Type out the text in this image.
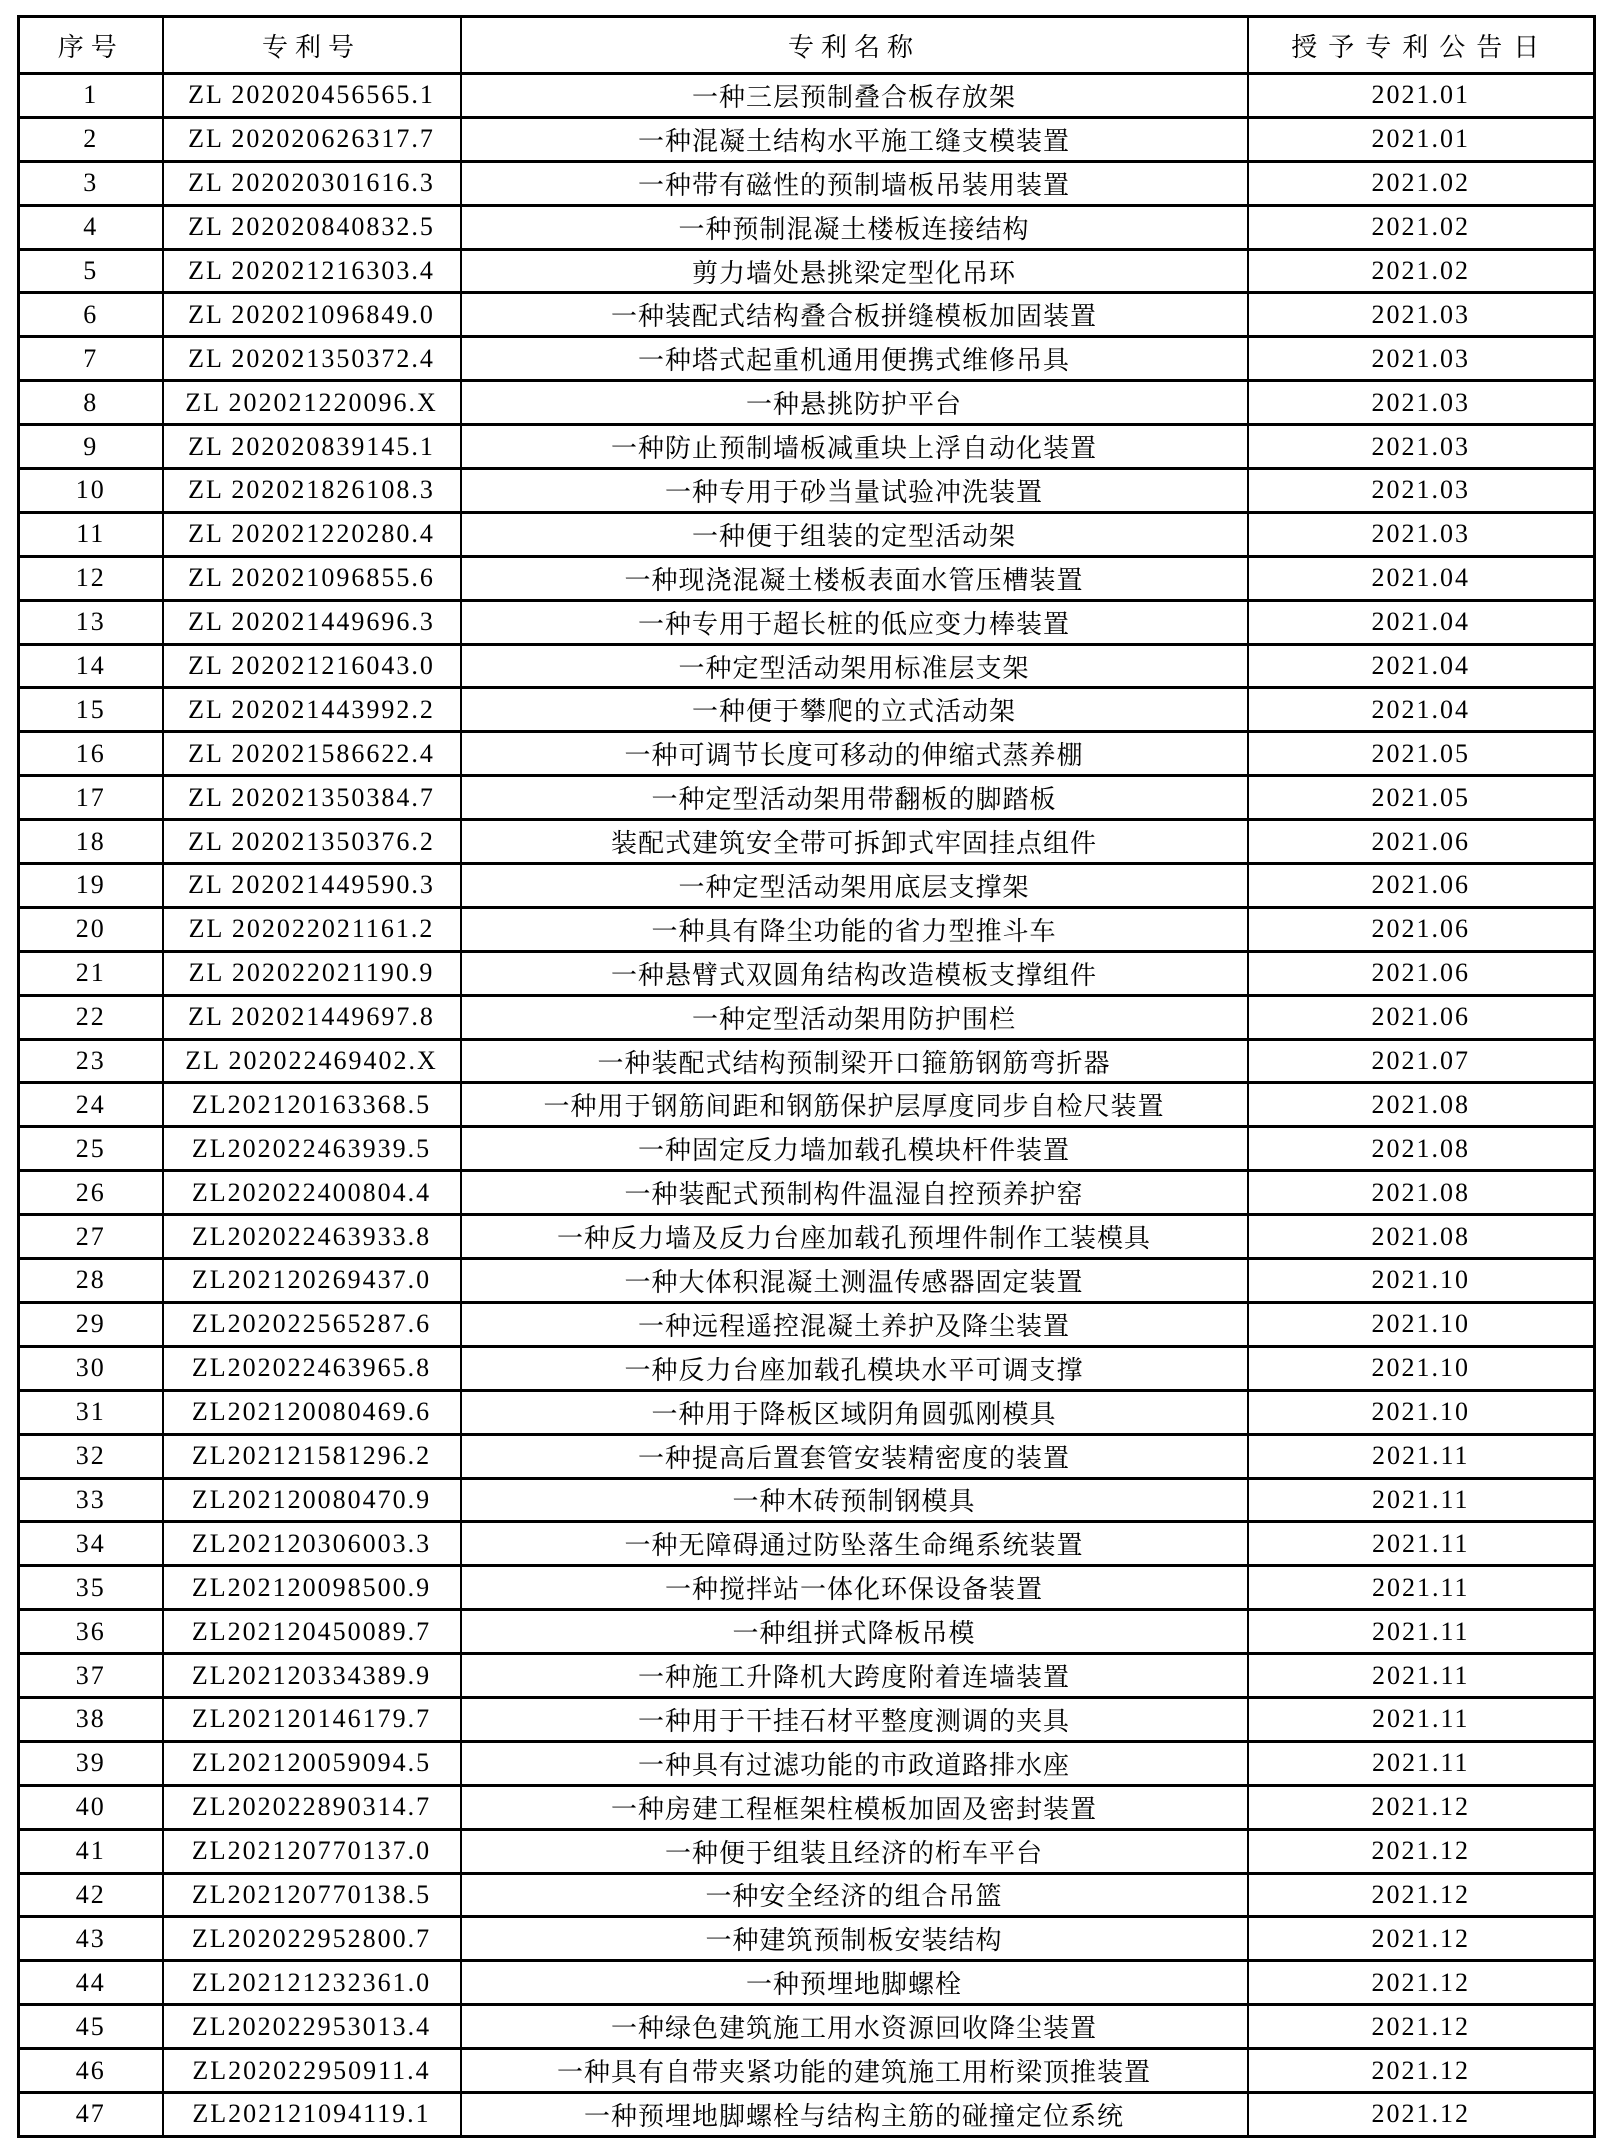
序号	专利号	专利名称	授予专利公告日
1	ZL 202020456565.1	一种三层预制叠合板存放架	2021.01
2	ZL 202020626317.7	一种混凝土结构水平施工缝支模装置	2021.01
3	ZL 202020301616.3	一种带有磁性的预制墙板吊装用装置	2021.02
4	ZL 202020840832.5	一种预制混凝土楼板连接结构	2021.02
5	ZL 202021216303.4	剪力墙处悬挑梁定型化吊环	2021.02
6	ZL 202021096849.0	一种装配式结构叠合板拼缝模板加固装置	2021.03
7	ZL 202021350372.4	一种塔式起重机通用便携式维修吊具	2021.03
8	ZL 202021220096.X	一种悬挑防护平台	2021.03
9	ZL 202020839145.1	一种防止预制墙板减重块上浮自动化装置	2021.03
10	ZL 202021826108.3	一种专用于砂当量试验冲洗装置	2021.03
11	ZL 202021220280.4	一种便于组装的定型活动架	2021.03
12	ZL 202021096855.6	一种现浇混凝土楼板表面水管压槽装置	2021.04
13	ZL 202021449696.3	一种专用于超长桩的低应变力棒装置	2021.04
14	ZL 202021216043.0	一种定型活动架用标准层支架	2021.04
15	ZL 202021443992.2	一种便于攀爬的立式活动架	2021.04
16	ZL 202021586622.4	一种可调节长度可移动的伸缩式蒸养棚	2021.05
17	ZL 202021350384.7	一种定型活动架用带翻板的脚踏板	2021.05
18	ZL 202021350376.2	装配式建筑安全带可拆卸式牢固挂点组件	2021.06
19	ZL 202021449590.3	一种定型活动架用底层支撑架	2021.06
20	ZL 202022021161.2	一种具有降尘功能的省力型推斗车	2021.06
21	ZL 202022021190.9	一种悬臂式双圆角结构改造模板支撑组件	2021.06
22	ZL 202021449697.8	一种定型活动架用防护围栏	2021.06
23	ZL 202022469402.X	一种装配式结构预制梁开口箍筋钢筋弯折器	2021.07
24	ZL202120163368.5	一种用于钢筋间距和钢筋保护层厚度同步自检尺装置	2021.08
25	ZL202022463939.5	一种固定反力墙加载孔模块杆件装置	2021.08
26	ZL202022400804.4	一种装配式预制构件温湿自控预养护窑	2021.08
27	ZL202022463933.8	一种反力墙及反力台座加载孔预埋件制作工装模具	2021.08
28	ZL202120269437.0	一种大体积混凝土测温传感器固定装置	2021.10
29	ZL202022565287.6	一种远程遥控混凝土养护及降尘装置	2021.10
30	ZL202022463965.8	一种反力台座加载孔模块水平可调支撑	2021.10
31	ZL202120080469.6	一种用于降板区域阴角圆弧刚模具	2021.10
32	ZL202121581296.2	一种提高后置套管安装精密度的装置	2021.11
33	ZL202120080470.9	一种木砖预制钢模具	2021.11
34	ZL202120306003.3	一种无障碍通过防坠落生命绳系统装置	2021.11
35	ZL202120098500.9	一种搅拌站一体化环保设备装置	2021.11
36	ZL202120450089.7	一种组拼式降板吊模	2021.11
37	ZL202120334389.9	一种施工升降机大跨度附着连墙装置	2021.11
38	ZL202120146179.7	一种用于干挂石材平整度测调的夹具	2021.11
39	ZL202120059094.5	一种具有过滤功能的市政道路排水座	2021.11
40	ZL202022890314.7	一种房建工程框架柱模板加固及密封装置	2021.12
41	ZL202120770137.0	一种便于组装且经济的桁车平台	2021.12
42	ZL202120770138.5	一种安全经济的组合吊篮	2021.12
43	ZL202022952800.7	一种建筑预制板安装结构	2021.12
44	ZL202121232361.0	一种预埋地脚螺栓	2021.12
45	ZL202022953013.4	一种绿色建筑施工用水资源回收降尘装置	2021.12
46	ZL202022950911.4	一种具有自带夹紧功能的建筑施工用桁梁顶推装置	2021.12
47	ZL202121094119.1	一种预埋地脚螺栓与结构主筋的碰撞定位系统	2021.12
